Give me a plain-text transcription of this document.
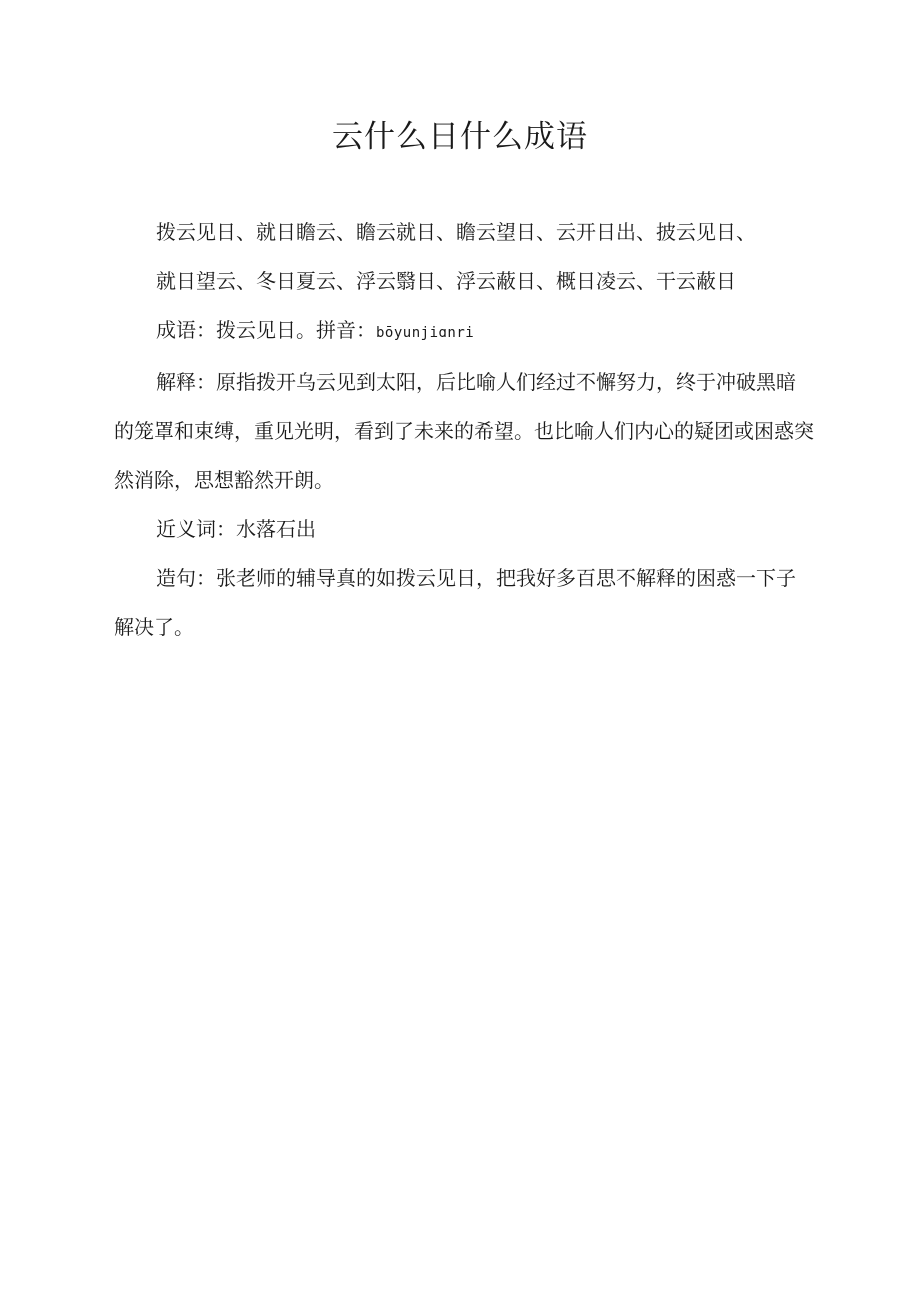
云什么日什么成语

拨云见日、就日瞻云、瞻云就日、瞻云望日、云开日出、披云见日、

就日望云、冬日夏云、浮云翳日、浮云蔽日、概日凌云、干云蔽日

成语：拨云见日。拼音：bōyunjiɑnri

解释：原指拨开乌云见到太阳，后比喻人们经过不懈努力，终于冲破黑暗的笼罩和束缚，重见光明，看到了未来的希望。也比喻人们内心的疑团或困惑突然消除，思想豁然开朗。

近义词：水落石出

造句：张老师的辅导真的如拨云见日，把我好多百思不解释的困惑一下子解决了。
